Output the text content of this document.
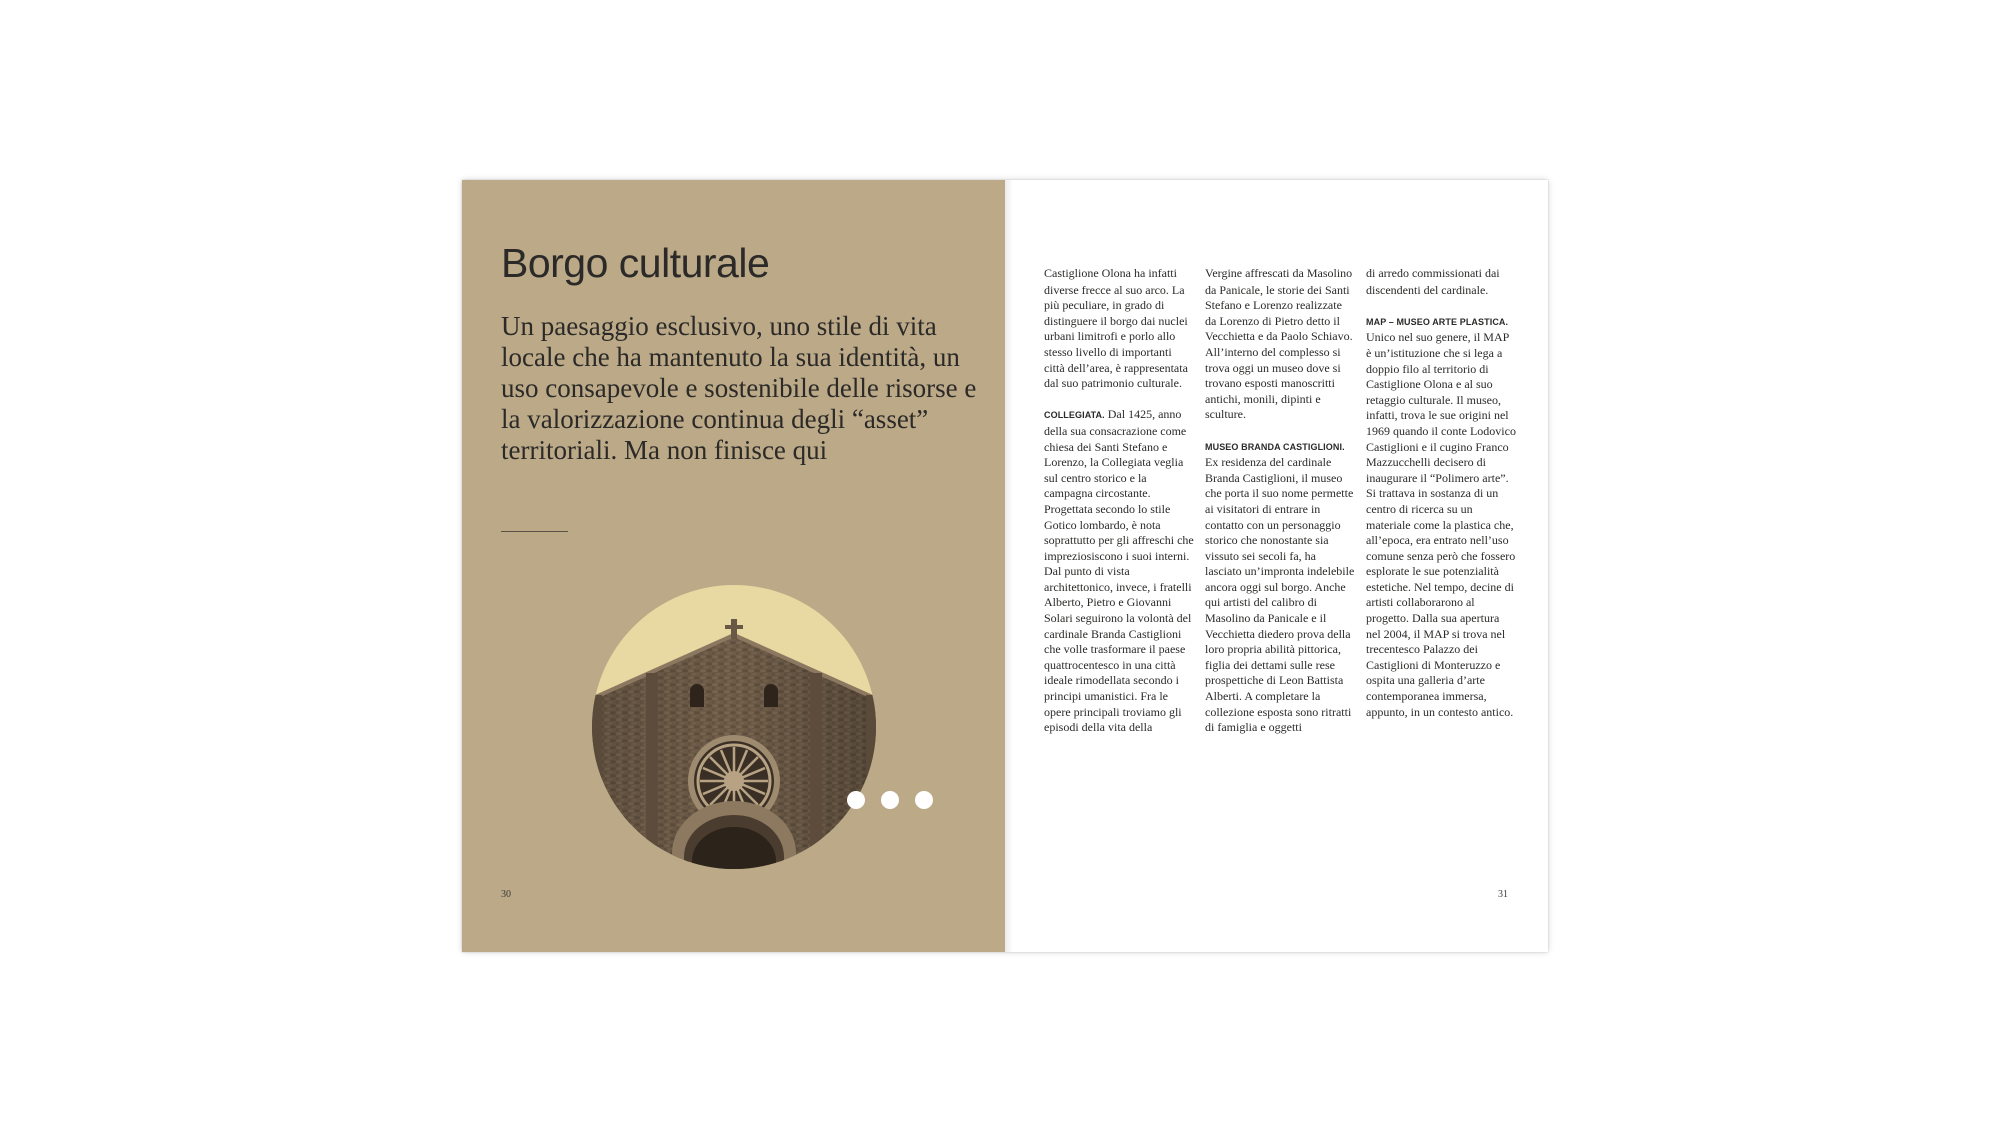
Borgo culturale

Un paesaggio esclusivo, uno stile di vita locale che ha mantenuto la sua identità, un uso consapevole e sostenibile delle risorse e la valorizzazione continua degli “asset” territoriali. Ma non finisce qui

30

Castiglione Olona ha infatti diverse frecce al suo arco. La più peculiare, in grado di distinguere il borgo dai nuclei urbani limitrofi e porlo allo stesso livello di importanti città dell’area, è rappresentata dal suo patrimonio culturale.

COLLEGIATA. Dal 1425, anno della sua consacrazione come chiesa dei Santi Stefano e Lorenzo, la Collegiata veglia sul centro storico e la campagna circostante. Progettata secondo lo stile Gotico lombardo, è nota soprattutto per gli affreschi che impreziosiscono i suoi interni. Dal punto di vista architettonico, invece, i fratelli Alberto, Pietro e Giovanni Solari seguirono la volontà del cardinale Branda Castiglioni che volle trasformare il paese quattrocentesco in una città ideale rimodellata secondo i principi umanistici. Fra le opere principali troviamo gli episodi della vita della

Vergine affrescati da Masolino da Panicale, le storie dei Santi Stefano e Lorenzo realizzate da Lorenzo di Pietro detto il Vecchietta e da Paolo Schiavo. All’interno del complesso si trova oggi un museo dove si trovano esposti manoscritti antichi, monili, dipinti e sculture.

MUSEO BRANDA CASTIGLIONI. Ex residenza del cardinale Branda Castiglioni, il museo che porta il suo nome permette ai visitatori di entrare in contatto con un personaggio storico che nonostante sia vissuto sei secoli fa, ha lasciato un’impronta indelebile ancora oggi sul borgo. Anche qui artisti del calibro di Masolino da Panicale e il Vecchietta diedero prova della loro propria abilità pittorica, figlia dei dettami sulle rese prospettiche di Leon Battista Alberti. A completare la collezione esposta sono ritratti di famiglia e oggetti

di arredo commissionati dai discendenti del cardinale.

MAP – MUSEO ARTE PLASTICA. Unico nel suo genere, il MAP è un’istituzione che si lega a doppio filo al territorio di Castiglione Olona e al suo retaggio culturale. Il museo, infatti, trova le sue origini nel 1969 quando il conte Lodovico Castiglioni e il cugino Franco Mazzucchelli decisero di inaugurare il “Polimero arte”. Si trattava in sostanza di un centro di ricerca su un materiale come la plastica che, all’epoca, era entrato nell’uso comune senza però che fossero esplorate le sue potenzialità estetiche. Nel tempo, decine di artisti collaborarono al progetto. Dalla sua apertura nel 2004, il MAP si trova nel trecentesco Palazzo dei Castiglioni di Monteruzzo e ospita una galleria d’arte contemporanea immersa, appunto, in un contesto antico.

31
